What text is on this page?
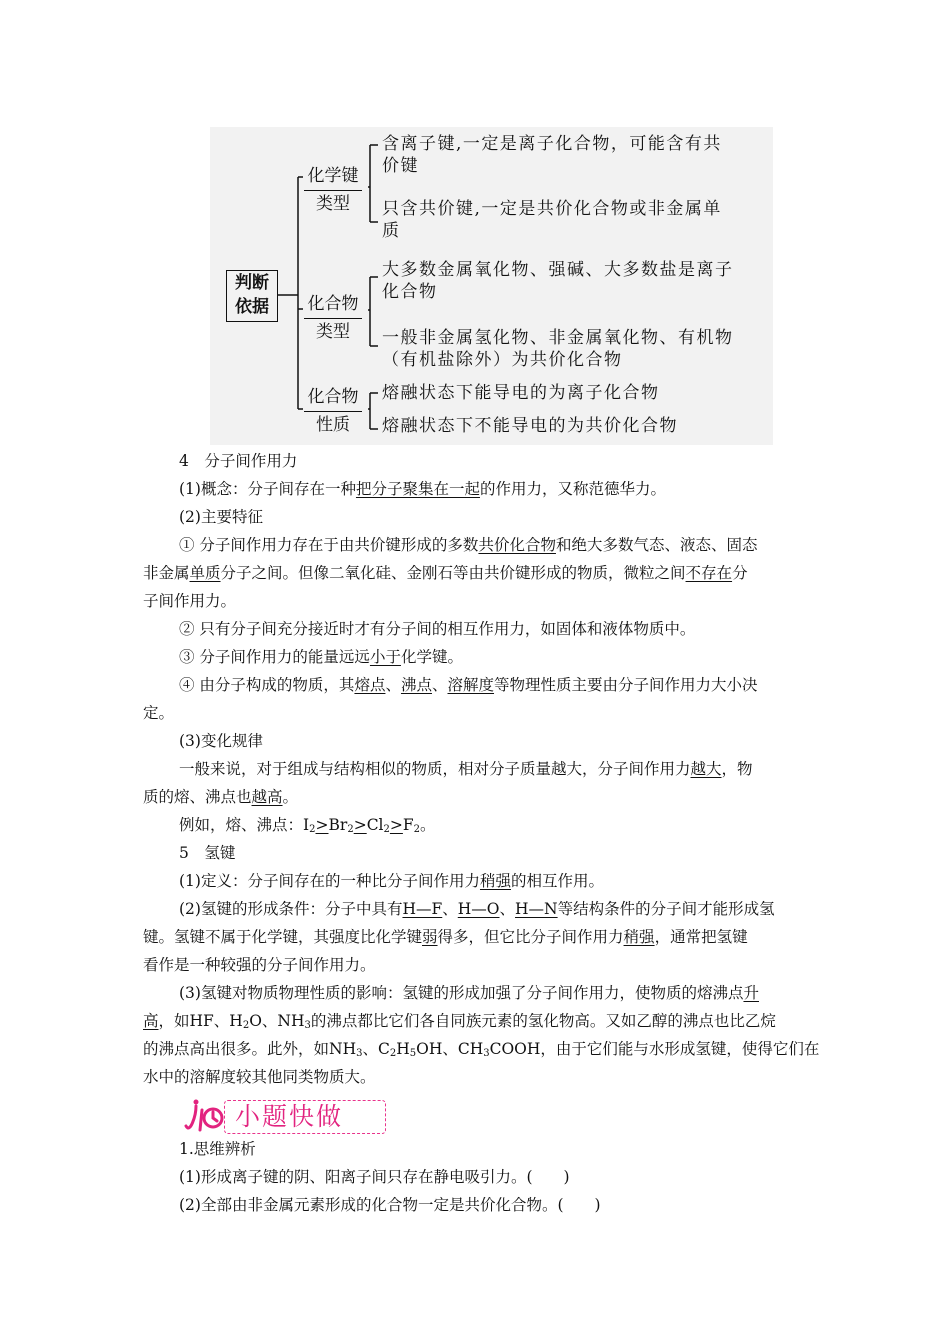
判断
依据
化学键
类型
化合物
类型
化合物
性质
含离子键,一定是离子化合物，可能含有共
价键
只含共价键,一定是共价化合物或非金属单
质
大多数金属氧化物、强碱、大多数盐是离子
化合物
一般非金属氢化物、非金属氧化物、有机物
（有机盐除外）为共价化合物
熔融状态下能导电的为离子化合物
熔融状态下不能导电的为共价化合物
4　分子间作用力
(1)概念：分子间存在一种把分子聚集在一起的作用力，又称范德华力。
(2)主要特征
① 分子间作用力存在于由共价键形成的多数共价化合物和绝大多数气态、液态、固态
非金属单质分子之间。但像二氧化硅、金刚石等由共价键形成的物质，微粒之间不存在分
子间作用力。
② 只有分子间充分接近时才有分子间的相互作用力，如固体和液体物质中。
③ 分子间作用力的能量远远小于化学键。
④ 由分子构成的物质，其熔点、沸点、溶解度等物理性质主要由分子间作用力大小决
定。
(3)变化规律
一般来说，对于组成与结构相似的物质，相对分子质量越大，分子间作用力越大，物
质的熔、沸点也越高。
例如，熔、沸点：$I_2>Br_2>Cl_2>F_2$。
5　氢键
(1)定义：分子间存在的一种比分子间作用力稍强的相互作用。
(2)氢键的形成条件：分子中具有H—F、H—O、H—N等结构条件的分子间才能形成氢
键。氢键不属于化学键，其强度比化学键弱得多，但它比分子间作用力稍强，通常把氢键
看作是一种较强的分子间作用力。
(3)氢键对物质物理性质的影响：氢键的形成加强了分子间作用力，使物质的熔沸点升
高，如HF、$H_2O$、$NH_3$的沸点都比它们各自同族元素的氢化物高。又如乙醇的沸点也比乙烷
的沸点高出很多。此外，如$NH_3$、$C_2H_5OH$、$CH_3COOH$，由于它们能与水形成氢键，使得它们在
水中的溶解度较其他同类物质大。
小题快做
1.思维辨析
(1)形成离子键的阴、阳离子间只存在静电吸引力。(　　)
(2)全部由非金属元素形成的化合物一定是共价化合物。(　　)
